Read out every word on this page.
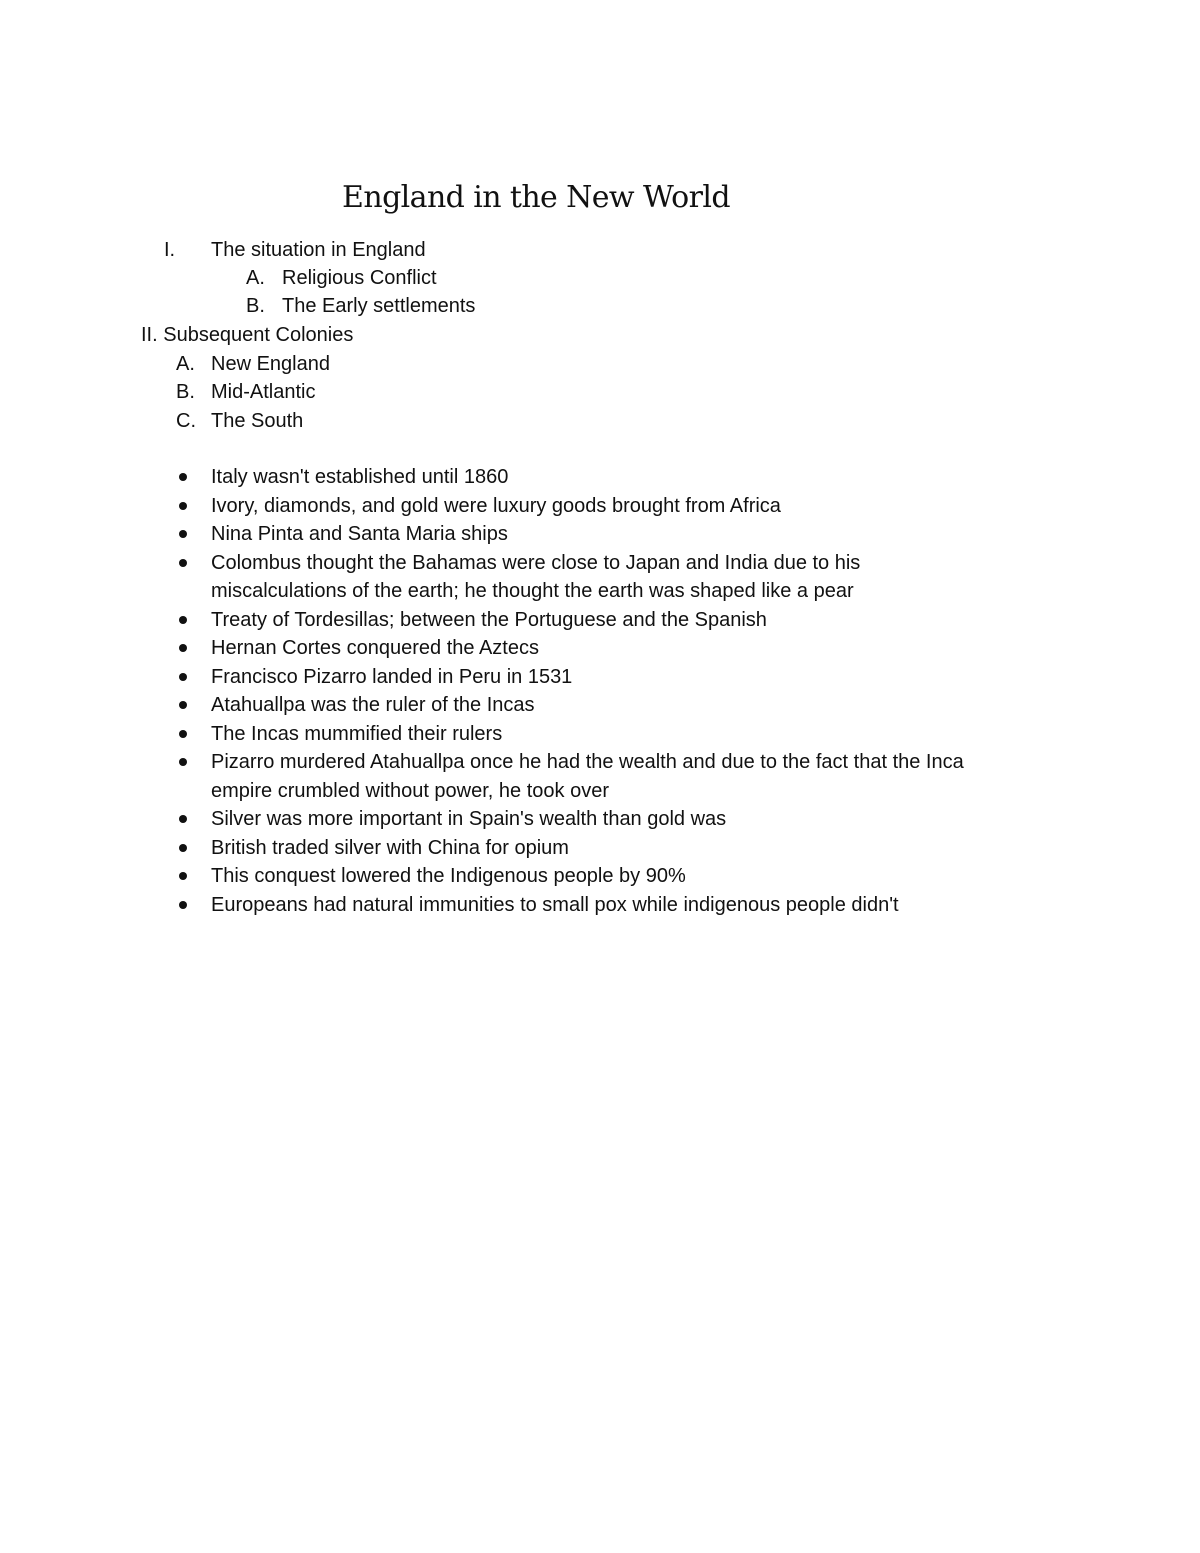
England in the New World
I. The situation in England
A. Religious Conflict
B. The Early settlements
II. Subsequent Colonies
A. New England
B. Mid-Atlantic
C. The South
Italy wasn't established until 1860
Ivory, diamonds, and gold were luxury goods brought from Africa
Nina Pinta and Santa Maria ships
Colombus thought the Bahamas were close to Japan and India due to his
miscalculations of the earth; he thought the earth was shaped like a pear
Treaty of Tordesillas; between the Portuguese and the Spanish
Hernan Cortes conquered the Aztecs
Francisco Pizarro landed in Peru in 1531
Atahuallpa was the ruler of the Incas
The Incas mummified their rulers
Pizarro murdered Atahuallpa once he had the wealth and due to the fact that the Inca
empire crumbled without power, he took over
Silver was more important in Spain's wealth than gold was
British traded silver with China for opium
This conquest lowered the Indigenous people by 90%
Europeans had natural immunities to small pox while indigenous people didn't
